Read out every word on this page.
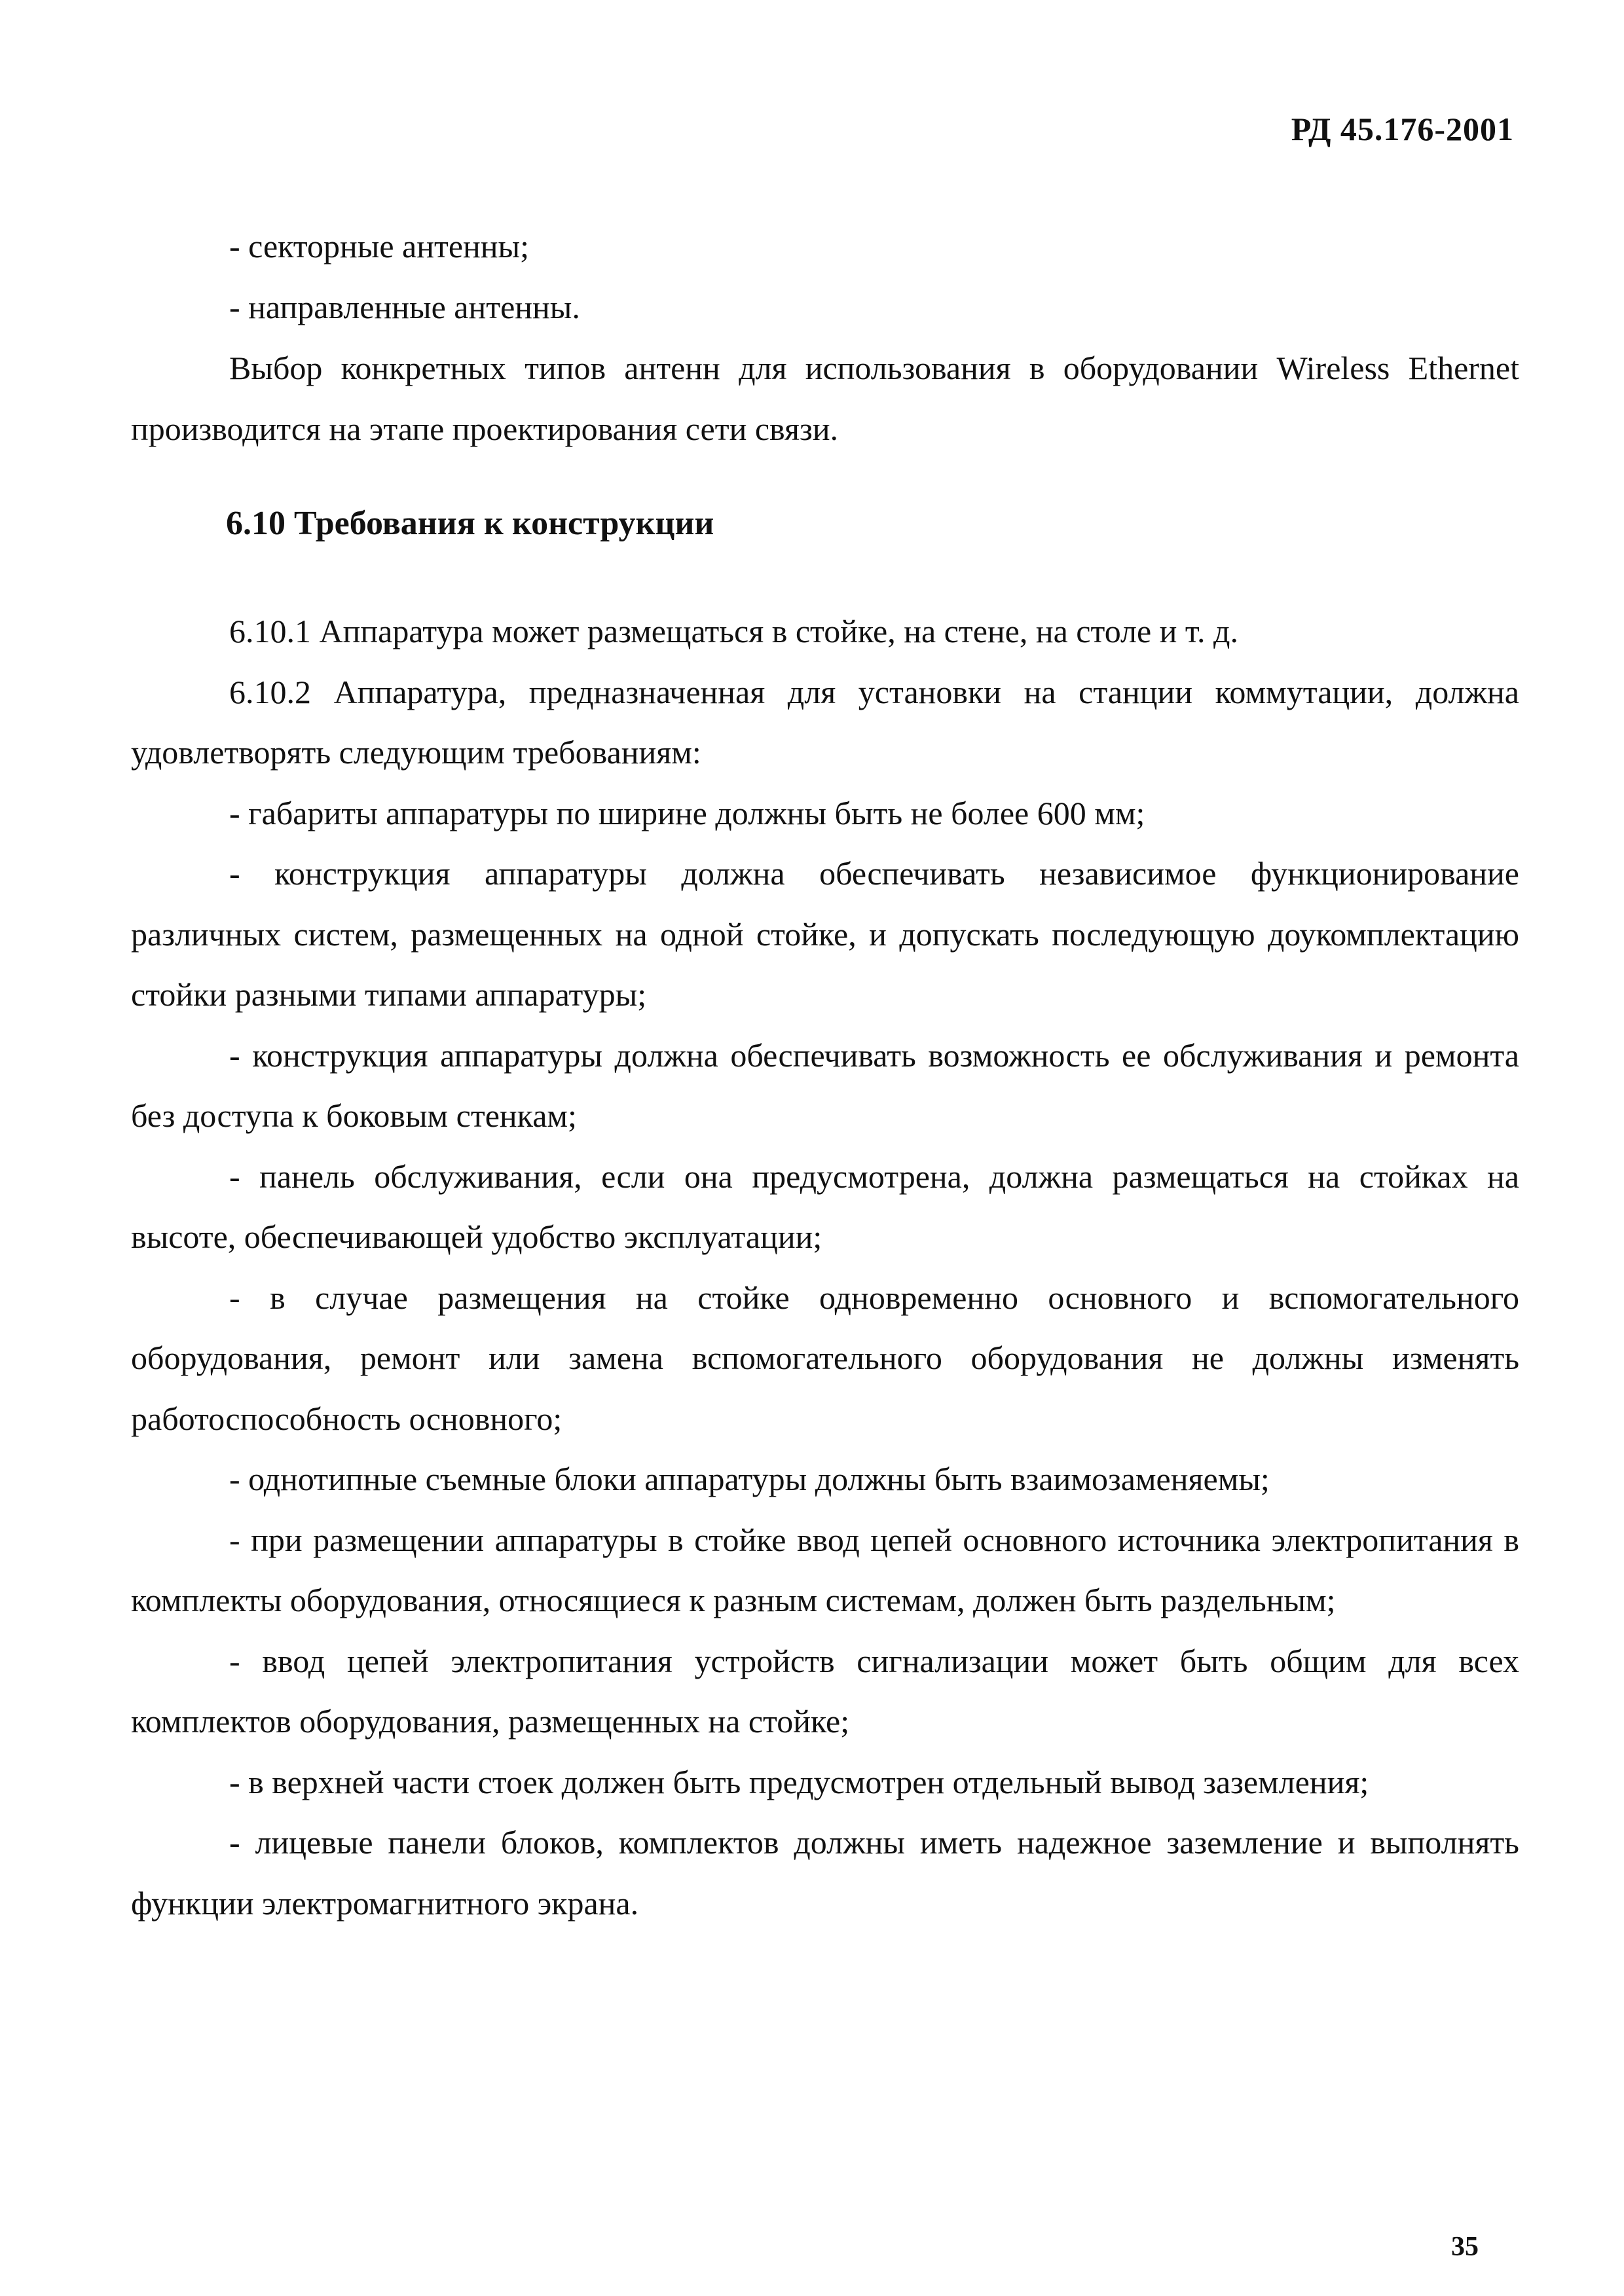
РД 45.176-2001

- секторные антенны;

- направленные антенны.

Выбор конкретных типов антенн для использования в оборудовании Wireless Ethernet производится на этапе проектирования сети связи.

6.10 Требования к конструкции

6.10.1 Аппаратура может размещаться в стойке, на стене, на столе и т. д.

6.10.2 Аппаратура, предназначенная для установки на станции коммутации, должна удовлетворять следующим требованиям:

- габариты аппаратуры по ширине должны быть не более 600 мм;

- конструкция аппаратуры должна обеспечивать независимое функционирование различных систем, размещенных на одной стойке, и допускать последующую доукомплектацию стойки разными типами аппаратуры;

- конструкция аппаратуры должна обеспечивать возможность ее обслуживания и ремонта без доступа к боковым стенкам;

- панель обслуживания, если она предусмотрена, должна размещаться на стойках на высоте, обеспечивающей удобство эксплуатации;

- в случае размещения на стойке одновременно основного и вспомогательного оборудования, ремонт или замена вспомогательного оборудования не должны изменять работоспособность основного;

- однотипные съемные блоки аппаратуры должны быть взаимозаменяемы;

- при размещении аппаратуры в стойке ввод цепей основного источника электропитания в комплекты оборудования, относящиеся к разным системам, должен быть раздельным;

- ввод цепей электропитания устройств сигнализации может быть общим для всех комплектов оборудования, размещенных на стойке;

- в верхней части стоек должен быть предусмотрен отдельный вывод заземления;

- лицевые панели блоков, комплектов должны иметь надежное заземление и выполнять функции электромагнитного экрана.

35
